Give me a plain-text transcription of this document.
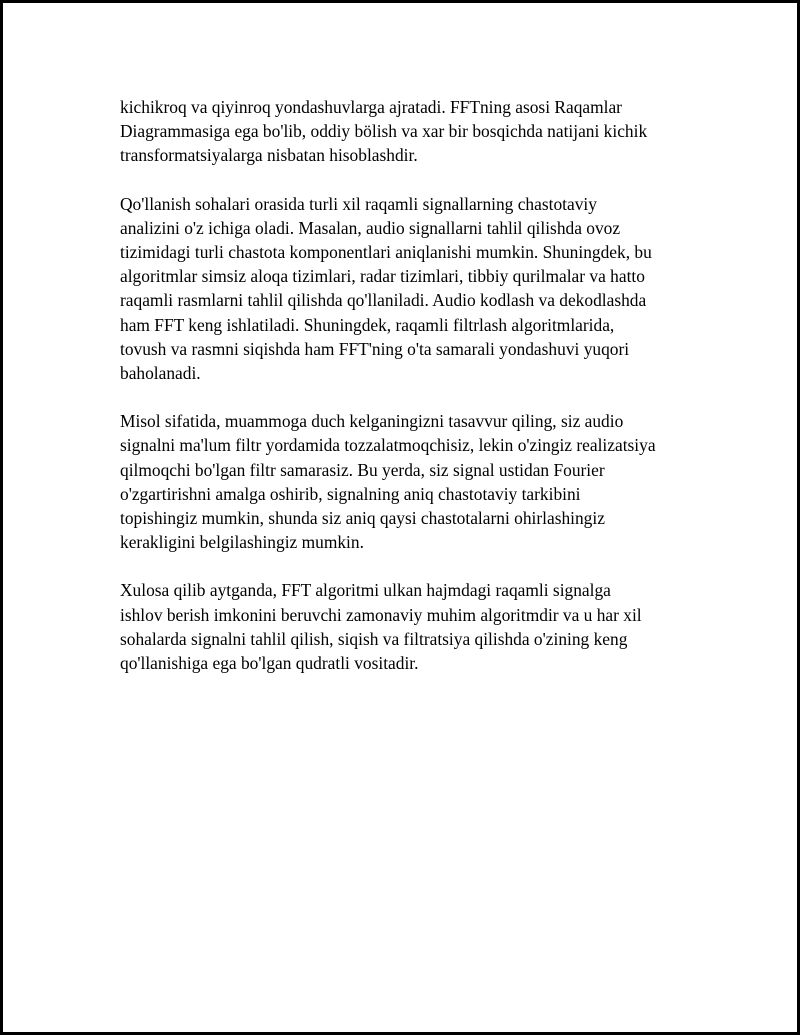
kichikroq va qiyinroq yondashuvlarga ajratadi. FFTning asosi Raqamlar
Diagrammasiga ega bo'lib, oddiy bölish va xar bir bosqichda natijani kichik
transformatsiyalarga nisbatan hisoblashdir.

Qo'llanish sohalari orasida turli xil raqamli signallarning chastotaviy
analizini o'z ichiga oladi. Masalan, audio signallarni tahlil qilishda ovoz
tizimidagi turli chastota komponentlari aniqlanishi mumkin. Shuningdek, bu
algoritmlar simsiz aloqa tizimlari, radar tizimlari, tibbiy qurilmalar va hatto
raqamli rasmlarni tahlil qilishda qo'llaniladi. Audio kodlash va dekodlashda
ham FFT keng ishlatiladi. Shuningdek, raqamli filtrlash algoritmlarida,
tovush va rasmni siqishda ham FFT'ning o'ta samarali yondashuvi yuqori
baholanadi.

Misol sifatida, muammoga duch kelganingizni tasavvur qiling, siz audio
signalni ma'lum filtr yordamida tozzalatmoqchisiz, lekin o'zingiz realizatsiya
qilmoqchi bo'lgan filtr samarasiz. Bu yerda, siz signal ustidan Fourier
o'zgartirishni amalga oshirib, signalning aniq chastotaviy tarkibini
topishingiz mumkin, shunda siz aniq qaysi chastotalarni ohirlashingiz
kerakligini belgilashingiz mumkin.

Xulosa qilib aytganda, FFT algoritmi ulkan hajmdagi raqamli signalga
ishlov berish imkonini beruvchi zamonaviy muhim algoritmdir va u har xil
sohalarda signalni tahlil qilish, siqish va filtratsiya qilishda o'zining keng
qo'llanishiga ega bo'lgan qudratli vositadir.
